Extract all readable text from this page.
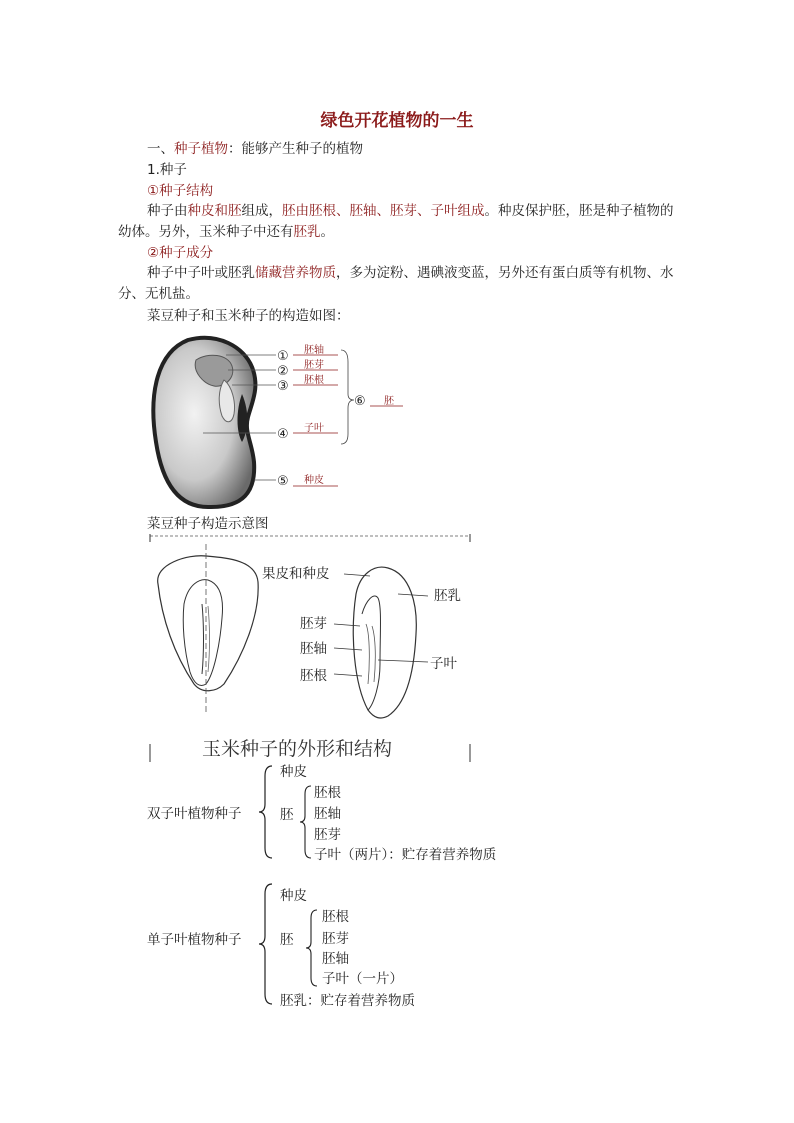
绿色开花植物的一生
一、种子植物：能够产生种子的植物
1.种子
①种子结构
种子由种皮和胚组成，胚由胚根、胚轴、胚芽、子叶组成。种皮保护胚，胚是种子植物的幼体。另外，玉米种子中还有胚乳。
②种子成分
种子中子叶或胚乳储藏营养物质，多为淀粉、遇碘液变蓝，另外还有蛋白质等有机物、水分、无机盐。
菜豆种子和玉米种子的构造如图：
①
②
③
④
⑤
⑥
胚轴
胚芽
胚根
子叶
种皮
胚
菜豆种子构造示意图
果皮和种皮
胚乳
胚芽
胚轴
子叶
胚根
玉米种子的外形和结构
双子叶植物种子
种皮
胚
胚根
胚轴
胚芽
子叶（两片）：贮存着营养物质
单子叶植物种子
种皮
胚
胚根
胚芽
胚轴
子叶（一片）
胚乳：贮存着营养物质
